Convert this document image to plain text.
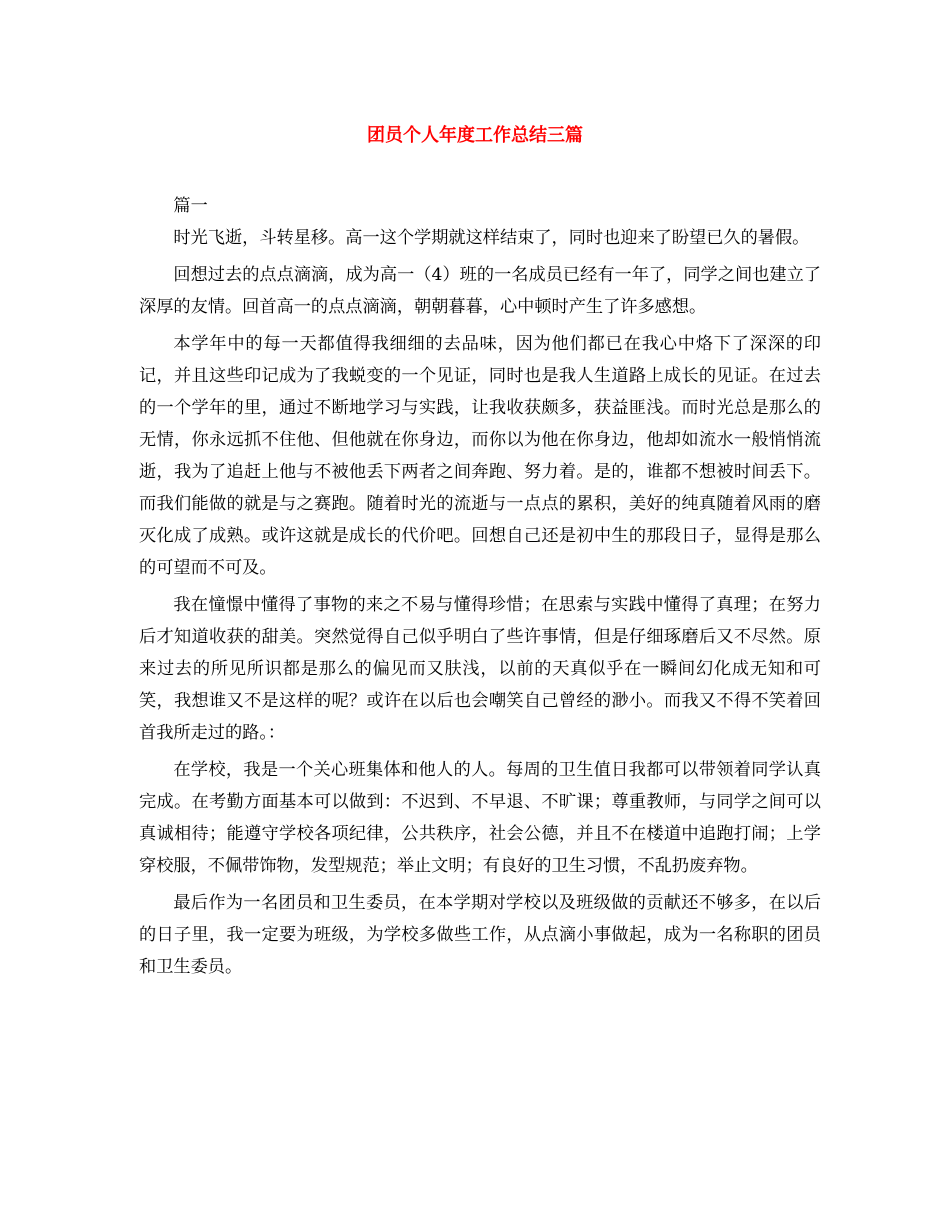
团员个人年度工作总结三篇

篇一

时光飞逝，斗转星移。高一这个学期就这样结束了，同时也迎来了盼望已久的暑假。

回想过去的点点滴滴，成为高一（4）班的一名成员已经有一年了，同学之间也建立了深厚的友情。回首高一的点点滴滴，朝朝暮暮，心中顿时产生了许多感想。

本学年中的每一天都值得我细细的去品味，因为他们都已在我心中烙下了深深的印记，并且这些印记成为了我蜕变的一个见证，同时也是我人生道路上成长的见证。在过去的一个学年的里，通过不断地学习与实践，让我收获颇多，获益匪浅。而时光总是那么的无情，你永远抓不住他、但他就在你身边，而你以为他在你身边，他却如流水一般悄悄流逝，我为了追赶上他与不被他丢下两者之间奔跑、努力着。是的，谁都不想被时间丢下。而我们能做的就是与之赛跑。随着时光的流逝与一点点的累积，美好的纯真随着风雨的磨灭化成了成熟。或许这就是成长的代价吧。回想自己还是初中生的那段日子，显得是那么的可望而不可及。

我在憧憬中懂得了事物的来之不易与懂得珍惜；在思索与实践中懂得了真理；在努力后才知道收获的甜美。突然觉得自己似乎明白了些许事情，但是仔细琢磨后又不尽然。原来过去的所见所识都是那么的偏见而又肤浅，以前的天真似乎在一瞬间幻化成无知和可笑，我想谁又不是这样的呢？或许在以后也会嘲笑自己曾经的渺小。而我又不得不笑着回首我所走过的路。：

在学校，我是一个关心班集体和他人的人。每周的卫生值日我都可以带领着同学认真完成。在考勤方面基本可以做到：不迟到、不早退、不旷课；尊重教师，与同学之间可以真诚相待；能遵守学校各项纪律，公共秩序，社会公德，并且不在楼道中追跑打闹；上学穿校服，不佩带饰物，发型规范；举止文明；有良好的卫生习惯，不乱扔废弃物。

最后作为一名团员和卫生委员，在本学期对学校以及班级做的贡献还不够多，在以后的日子里，我一定要为班级，为学校多做些工作，从点滴小事做起，成为一名称职的团员和卫生委员。
